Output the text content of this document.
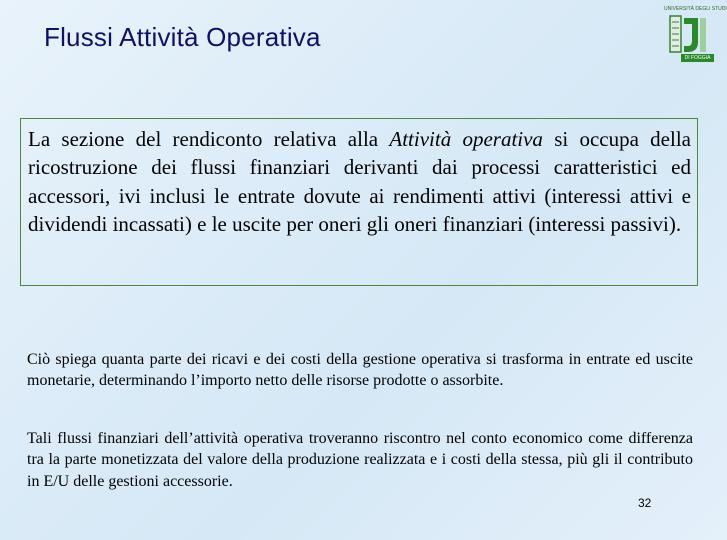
Flussi Attività Operativa
UNIVERSITÀ DEGLI STUDI
DI FOGGIA
La sezione del rendiconto relativa alla Attività operativa si occupa della ricostruzione dei flussi finanziari derivanti dai processi caratteristici ed accessori, ivi inclusi le entrate dovute ai rendimenti attivi (interessi attivi e dividendi incassati) e le uscite per oneri gli oneri finanziari (interessi passivi).
Ciò spiega quanta parte dei ricavi e dei costi della gestione operativa si trasforma in entrate ed uscite monetarie, determinando l’importo netto delle risorse prodotte o assorbite.
Tali flussi finanziari dell’attività operativa troveranno riscontro nel conto economico come differenza tra la parte monetizzata del valore della produzione realizzata e i costi della stessa, più gli il contributo in E/U delle gestioni accessorie.
32
